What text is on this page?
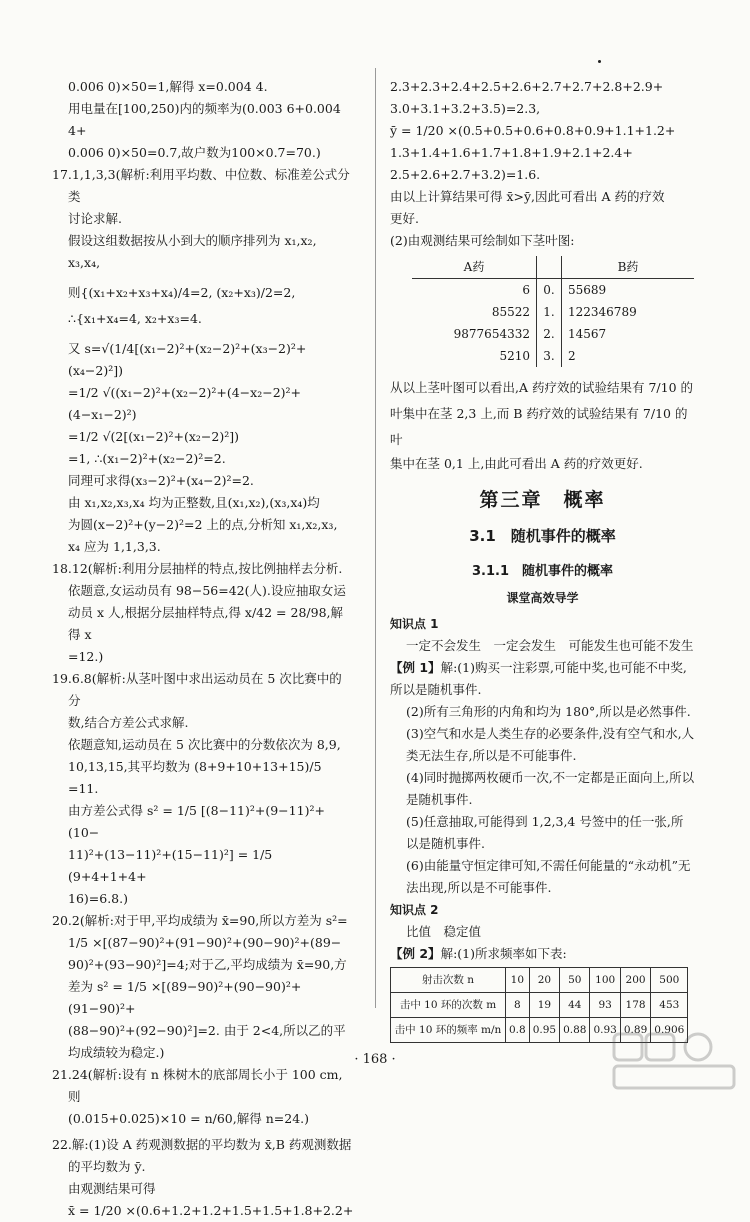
0.006 0)×50=1,解得 x=0.004 4.

用电量在[100,250)内的频率为(0.003 6+0.004 4+

0.006 0)×50=0.7,故户数为100×0.7=70.)

17.1,1,3,3(解析:利用平均数、中位数、标准差公式分类

讨论求解.

假设这组数据按从小到大的顺序排列为 x₁,x₂,

x₃,x₄,

则{(x₁+x₂+x₃+x₄)/4=2, (x₂+x₃)/2=2, ∴{x₁+x₄=4, x₂+x₃=4.

又 s=√(1/4[(x₁−2)²+(x₂−2)²+(x₃−2)²+(x₄−2)²])

=1/2 √((x₁−2)²+(x₂−2)²+(4−x₂−2)²+(4−x₁−2)²)

=1/2 √(2[(x₁−2)²+(x₂−2)²])

=1, ∴(x₁−2)²+(x₂−2)²=2.

同理可求得(x₃−2)²+(x₄−2)²=2.

由 x₁,x₂,x₃,x₄ 均为正整数,且(x₁,x₂),(x₃,x₄)均

为圆(x−2)²+(y−2)²=2 上的点,分析知 x₁,x₂,x₃,

x₄ 应为 1,1,3,3.

18.12(解析:利用分层抽样的特点,按比例抽样去分析.

依题意,女运动员有 98−56=42(人).设应抽取女运

动员 x 人,根据分层抽样特点,得 x/42 = 28/98,解得 x

=12.)

19.6.8(解析:从茎叶图中求出运动员在 5 次比赛中的分

数,结合方差公式求解.

依题意知,运动员在 5 次比赛中的分数依次为 8,9,

10,13,15,其平均数为 (8+9+10+13+15)/5 =11.

由方差公式得 s² = 1/5 [(8−11)²+(9−11)²+(10−

11)²+(13−11)²+(15−11)²] = 1/5 (9+4+1+4+

16)=6.8.)

20.2(解析:对于甲,平均成绩为 x̄=90,所以方差为 s²=

1/5 ×[(87−90)²+(91−90)²+(90−90)²+(89−

90)²+(93−90)²]=4;对于乙,平均成绩为 x̄=90,方

差为 s² = 1/5 ×[(89−90)²+(90−90)²+(91−90)²+

(88−90)²+(92−90)²]=2. 由于 2<4,所以乙的平

均成绩较为稳定.)

21.24(解析:设有 n 株树木的底部周长小于 100 cm,则

(0.015+0.025)×10 = n/60,解得 n=24.)

22.解:(1)设 A 药观测数据的平均数为 x̄,B 药观测数据

的平均数为 ȳ.

由观测结果可得

x̄ = 1/20 ×(0.6+1.2+1.2+1.5+1.5+1.8+2.2+

2.3+2.3+2.4+2.5+2.6+2.7+2.7+2.8+2.9+

3.0+3.1+3.2+3.5)=2.3,

ȳ = 1/20 ×(0.5+0.5+0.6+0.8+0.9+1.1+1.2+

1.3+1.4+1.6+1.7+1.8+1.9+2.1+2.4+

2.5+2.6+2.7+3.2)=1.6.

由以上计算结果可得 x̄>ȳ,因此可看出 A 药的疗效

更好.

(2)由观测结果可绘制如下茎叶图:

A药		B药
6	0.	55689
85522	1.	122346789
9877654332	2.	14567
5210	3.	2

从以上茎叶图可以看出,A 药疗效的试验结果有 7/10 的

叶集中在茎 2,3 上,而 B 药疗效的试验结果有 7/10 的叶

集中在茎 0,1 上,由此可看出 A 药的疗效更好.

第三章　概率
3.1　随机事件的概率
3.1.1　随机事件的概率
课堂高效导学

知识点 1

一定不会发生　一定会发生　可能发生也可能不发生

【例 1】解:(1)购买一注彩票,可能中奖,也可能不中奖,所以是随机事件.

(2)所有三角形的内角和均为 180°,所以是必然事件.

(3)空气和水是人类生存的必要条件,没有空气和水,人类无法生存,所以是不可能事件.

(4)同时抛掷两枚硬币一次,不一定都是正面向上,所以是随机事件.

(5)任意抽取,可能得到 1,2,3,4 号签中的任一张,所以是随机事件.

(6)由能量守恒定律可知,不需任何能量的“永动机”无法出现,所以是不可能事件.

知识点 2

比值　稳定值

【例 2】解:(1)所求频率如下表:

射击次数 n	10	20	50	100	200	500
击中 10 环的次数 m	8	19	44	93	178	453
击中 10 环的频率 m/n	0.8	0.95	0.88	0.93	0.89	0.906
· 168 ·
